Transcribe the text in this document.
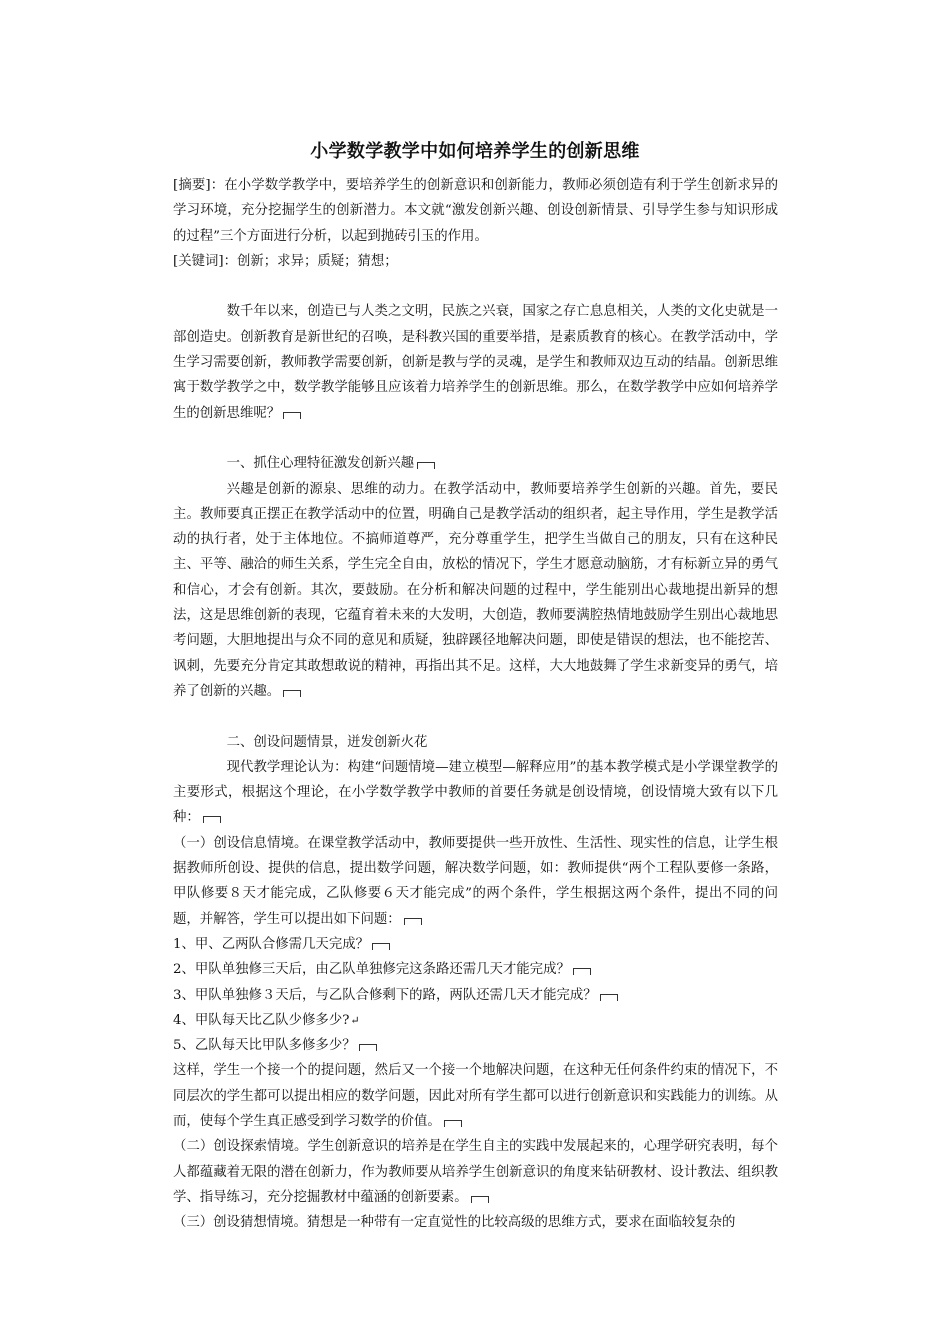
小学数学教学中如何培养学生的创新思维

[摘要]：在小学数学教学中，要培养学生的创新意识和创新能力，教师必须创造有利于学生创新求异的学习环境，充分挖掘学生的创新潜力。本文就“激发创新兴趣、创设创新情景、引导学生参与知识形成的过程”三个方面进行分析，以起到抛砖引玉的作用。

[关键词]：创新；求异；质疑；猜想；

数千年以来，创造已与人类之文明，民族之兴衰，国家之存亡息息相关，人类的文化史就是一部创造史。创新教育是新世纪的召唤，是科教兴国的重要举措，是素质教育的核心。在教学活动中，学生学习需要创新，教师教学需要创新，创新是教与学的灵魂，是学生和教师双边互动的结晶。创新思维寓于数学教学之中，数学教学能够且应该着力培养学生的创新思维。那么，在数学教学中应如何培养学生的创新思维呢？

一、抓住心理特征激发创新兴趣

兴趣是创新的源泉、思维的动力。在教学活动中，教师要培养学生创新的兴趣。首先，要民主。教师要真正摆正在教学活动中的位置，明确自己是教学活动的组织者，起主导作用，学生是教学活动的执行者，处于主体地位。不搞师道尊严，充分尊重学生，把学生当做自己的朋友，只有在这种民主、平等、融洽的师生关系，学生完全自由，放松的情况下，学生才愿意动脑筋，才有标新立异的勇气和信心，才会有创新。其次，要鼓励。在分析和解决问题的过程中，学生能别出心裁地提出新异的想法，这是思维创新的表现，它蕴育着未来的大发明，大创造，教师要满腔热情地鼓励学生别出心裁地思考问题，大胆地提出与众不同的意见和质疑，独辟蹊径地解决问题，即使是错误的想法，也不能挖苦、讽刺，先要充分肯定其敢想敢说的精神，再指出其不足。这样，大大地鼓舞了学生求新变异的勇气，培养了创新的兴趣。

二、创设问题情景，迸发创新火花

现代教学理论认为：构建“问题情境—建立模型—解释应用”的基本教学模式是小学课堂教学的主要形式，根据这个理论，在小学数学教学中教师的首要任务就是创设情境，创设情境大致有以下几种：

（一）创设信息情境。在课堂教学活动中，教师要提供一些开放性、生活性、现实性的信息，让学生根据教师所创设、提供的信息，提出数学问题，解决数学问题，如：教师提供“两个工程队要修一条路，甲队修要８天才能完成，乙队修要６天才能完成”的两个条件，学生根据这两个条件，提出不同的问题，并解答，学生可以提出如下问题：

1、甲、乙两队合修需几天完成？

2、甲队单独修三天后，由乙队单独修完这条路还需几天才能完成？

3、甲队单独修３天后，与乙队合修剩下的路，两队还需几天才能完成？

4、甲队每天比乙队少修多少?↵

5、乙队每天比甲队多修多少？

这样，学生一个接一个的提问题，然后又一个接一个地解决问题，在这种无任何条件约束的情况下，不同层次的学生都可以提出相应的数学问题，因此对所有学生都可以进行创新意识和实践能力的训练。从而，使每个学生真正感受到学习数学的价值。

（二）创设探索情境。学生创新意识的培养是在学生自主的实践中发展起来的，心理学研究表明，每个人都蕴藏着无限的潜在创新力，作为教师要从培养学生创新意识的角度来钻研教材、设计教法、组织教学、指导练习，充分挖掘教材中蕴涵的创新要素。

（三）创设猜想情境。猜想是一种带有一定直觉性的比较高级的思维方式，要求在面临较复杂的
